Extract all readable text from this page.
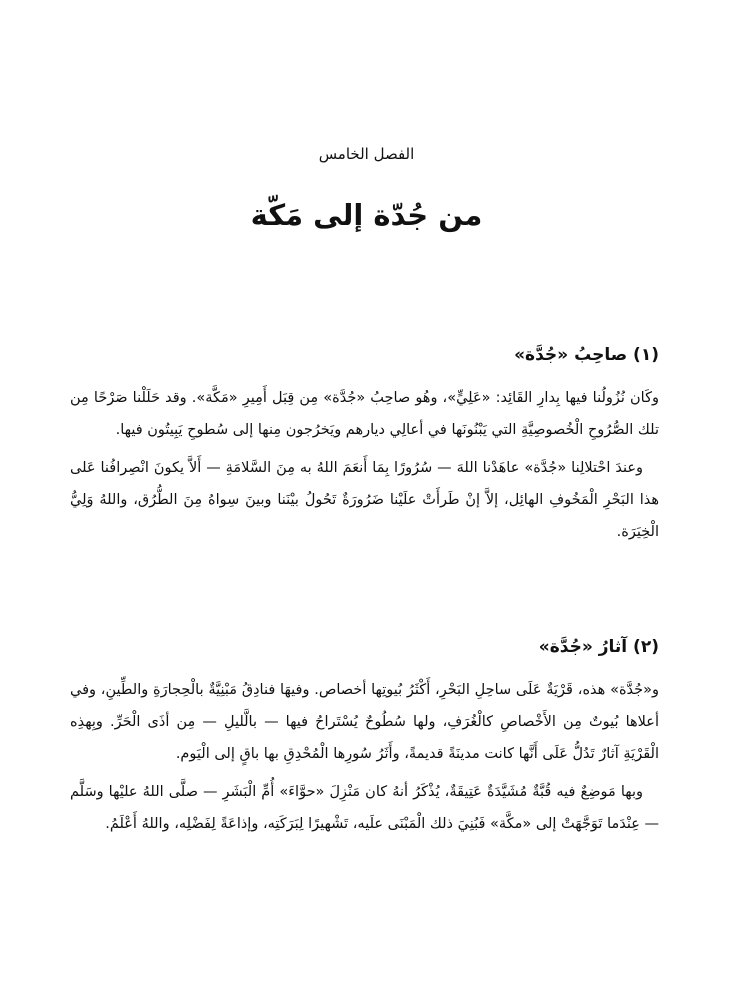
الفصل الخامس
من جُدّة إلى مَكّة
(١) صاحِبُ «جُدَّة»

وكَان نُزُولُنا فيها بِدارِ القَائِد: «عَلِيٍّ»، وهُو صاحِبُ «جُدَّة» مِن قِبَل أَمِيرِ «مَكَّة». وقد حَلَلْنا صَرْحًا مِن تلك الصُّرُوحِ الْخُصوصِيَّةِ التي يَبْنُونَها في أعالِي ديارهم ويَخرُجون مِنها إلى سُطوحِ يَبِيتُون فيها.

وعندَ احْتلالِنا «جُدَّة» عاهَدْنا اللهَ — سُرُورًا بِمَا أَنعَمَ اللهُ به مِنَ السَّلامَةِ — أَلاَّ يكونَ انْصِرافُنا عَلى هذا البَحْرِ الْمَخُوفِ الهائِل، إلاَّ إنْ طَرأَتْ علَيْنا ضَرُورَةٌ تَحُولُ بيْنَنا وبينَ سِواهُ مِنَ الطُّرُق، واللهُ وَلِيُّ الْخِيَرَة.

(٢) آثارُ «جُدَّة»

و«جُدَّة» هذه، قَرْيَةٌ عَلَى ساحِلِ البَحْرِ، أَكْثَرُ بُيوتِها أخصاص. وفيهَا فنادِقُ مَبْنِيَّةٌ بالْحِجارَةِ والطِّينِ، وفي أعلاها بُيوتٌ مِن الأَخْصاصِ كالْغُرَفِ، ولها سُطُوحٌ يُسْتَراحُ فيها — بالَّليلِ — مِن أذَى الْحَرِّ. وبِهذِه الْقَرْيَةِ آثارٌ تَدُلُّ عَلَى أَنَّها كانت مدينَةً قديمةً، وأَثَرُ سُورِها الْمُحْدِقِ بها باقٍ إلى الْيَوم.

وبها مَوضِعٌ فيه قُبَّةٌ مُشَيَّدَةٌ عَتِيقَةٌ، يُذْكَرُ أنهُ كان مَنْزِلَ «حوَّاءَ» أُمِّ الْبَشَرِ — صلَّى اللهُ عليْها وسَلَّم — عِنْدَما تَوَجَّهَتْ إلى «مكَّة» فَبُنِيَ ذلك الْمَبْنَى علَيه، تَشْهيرًا لِبَرَكَتِه، وإذاعَةً لِفَضْلِه، واللهُ أَعْلَمُ.
